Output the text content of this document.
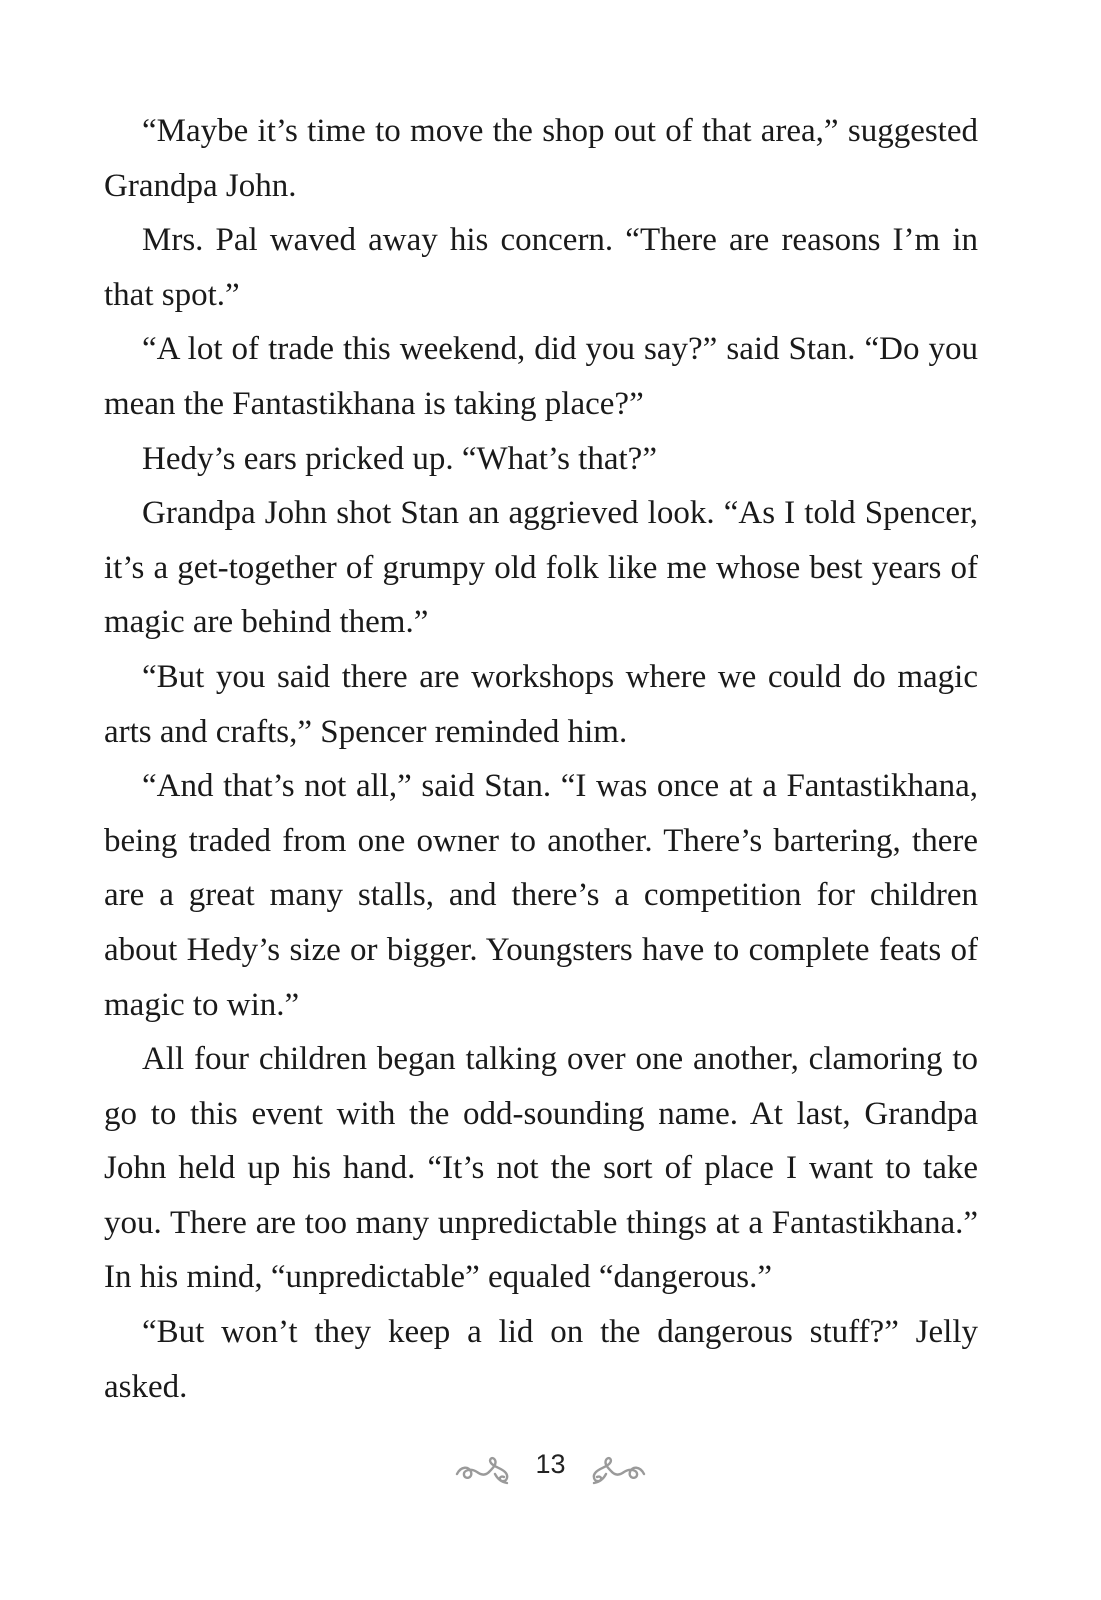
“Maybe it’s time to move the shop out of that area,” suggested Grandpa John.

Mrs. Pal waved away his concern. “There are reasons I’m in that spot.”

“A lot of trade this weekend, did you say?” said Stan. “Do you mean the Fantastikhana is taking place?”

Hedy’s ears pricked up. “What’s that?”

Grandpa John shot Stan an aggrieved look. “As I told Spencer, it’s a get-together of grumpy old folk like me whose best years of magic are behind them.”

“But you said there are workshops where we could do magic arts and crafts,” Spencer reminded him.

“And that’s not all,” said Stan. “I was once at a Fantastikhana, being traded from one owner to another. There’s bartering, there are a great many stalls, and there’s a competition for children about Hedy’s size or bigger. Youngsters have to complete feats of magic to win.”

All four children began talking over one another, clamoring to go to this event with the odd-sounding name. At last, Grandpa John held up his hand. “It’s not the sort of place I want to take you. There are too many unpredictable things at a Fantastikhana.” In his mind, “unpredictable” equaled “dangerous.”

“But won’t they keep a lid on the dangerous stuff?” Jelly asked.

13
